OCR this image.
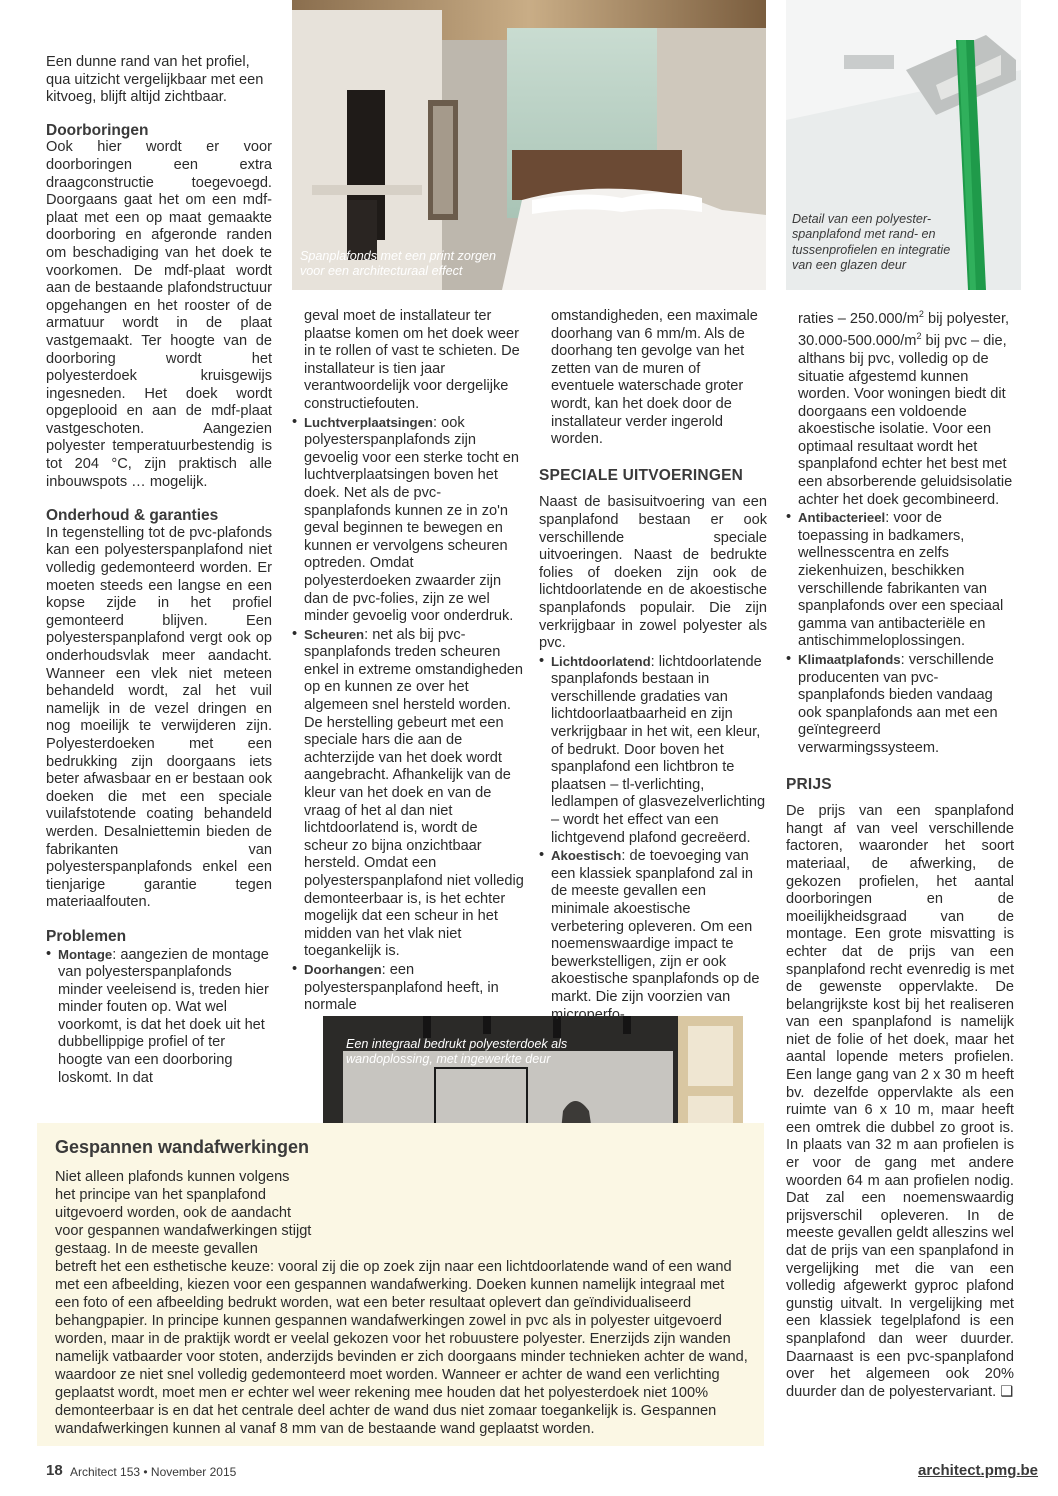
Spanplafonds met een print zorgen voor een architecturaal effect
Detail van een polyester-spanplafond met rand- en tussenprofielen en integratie van een glazen deur
Een integraal bedrukt polyesterdoek als wandoplossing, met ingewerkte deur

Een dunne rand van het profiel, qua uitzicht vergelijkbaar met een kitvoeg, blijft altijd zichtbaar.

Doorboringen

Ook hier wordt er voor doorboringen een extra draagconstructie toegevoegd. Doorgaans gaat het om een mdf-plaat met een op maat gemaakte doorboring en afgeronde randen om beschadiging van het doek te voorkomen. De mdf-plaat wordt aan de bestaande plafondstructuur opgehangen en het rooster of de armatuur wordt in de plaat vastgemaakt. Ter hoogte van de doorboring wordt het polyesterdoek kruisgewijs ingesneden. Het doek wordt opgeplooid en aan de mdf-plaat vastgeschoten. Aangezien polyester temperatuurbestendig is tot 204 °C, zijn praktisch alle inbouwspots … mogelijk.

Onderhoud & garanties

In tegenstelling tot de pvc-plafonds kan een polyesterspanplafond niet volledig gedemonteerd worden. Er moeten steeds een langse en een kopse zijde in het profiel gemonteerd blijven. Een polyesterspanplafond vergt ook op onderhoudsvlak meer aandacht. Wanneer een vlek niet meteen behandeld wordt, zal het vuil namelijk in de vezel dringen en nog moeilijk te verwijderen zijn. Polyesterdoeken met een bedrukking zijn doorgaans iets beter afwasbaar en er bestaan ook doeken die met een speciale vuilafstotende coating behandeld werden. Desalniettemin bieden de fabrikanten van polyesterspanplafonds enkel een tienjarige garantie tegen materiaalfouten.

Problemen

• Montage: aangezien de montage van polyesterspanplafonds minder veeleisend is, treden hier minder fouten op. Wat wel voorkomt, is dat het doek uit het dubbellippige profiel of ter hoogte van een doorboring loskomt. In dat

geval moet de installateur ter plaatse komen om het doek weer in te rollen of vast te schieten. De installateur is tien jaar verantwoordelijk voor dergelijke constructiefouten.

• Luchtverplaatsingen: ook polyesterspanplafonds zijn gevoelig voor een sterke tocht en luchtverplaatsingen boven het doek. Net als de pvc-spanplafonds kunnen ze in zo'n geval beginnen te bewegen en kunnen er vervolgens scheuren optreden. Omdat polyesterdoeken zwaarder zijn dan de pvc-folies, zijn ze wel minder gevoelig voor onderdruk.

• Scheuren: net als bij pvc-spanplafonds treden scheuren enkel in extreme omstandigheden op en kunnen ze over het algemeen snel hersteld worden. De herstelling gebeurt met een speciale hars die aan de achterzijde van het doek wordt aangebracht. Afhankelijk van de kleur van het doek en van de vraag of het al dan niet lichtdoorlatend is, wordt de scheur zo bijna onzichtbaar hersteld. Omdat een polyesterspanplafond niet volledig demonteerbaar is, is het echter mogelijk dat een scheur in het midden van het vlak niet toegankelijk is.

• Doorhangen: een polyesterspanplafond heeft, in normale

omstandigheden, een maximale doorhang van 6 mm/m. Als de doorhang ten gevolge van het zetten van de muren of eventuele waterschade groter wordt, kan het doek door de installateur verder ingerold worden.

SPECIALE UITVOERINGEN

Naast de basisuitvoering van een spanplafond bestaan er ook verschillende speciale uitvoeringen. Naast de bedrukte folies of doeken zijn ook de lichtdoorlatende en de akoestische spanplafonds populair. Die zijn verkrijgbaar in zowel polyester als pvc.

• Lichtdoorlatend: lichtdoorlatende spanplafonds bestaan in verschillende gradaties van lichtdoorlaatbaarheid en zijn verkrijgbaar in het wit, een kleur, of bedrukt. Door boven het spanplafond een lichtbron te plaatsen – tl-verlichting, ledlampen of glasvezelverlichting – wordt het effect van een lichtgevend plafond gecreëerd.

• Akoestisch: de toevoeging van een klassiek spanplafond zal in de meeste gevallen een minimale akoestische verbetering opleveren. Om een noemenswaardige impact te bewerkstelligen, zijn er ook akoestische spanplafonds op de markt. Die zijn voorzien van microperfo-

raties – $250.000/m^2$ bij polyester, $30.000-500.000/m^2$ bij pvc – die, althans bij pvc, volledig op de situatie afgestemd kunnen worden. Voor woningen biedt dit doorgaans een voldoende akoestische isolatie. Voor een optimaal resultaat wordt het spanplafond echter het best met een absorberende geluidsisolatie achter het doek gecombineerd.

• Antibacterieel: voor de toepassing in badkamers, wellnesscentra en zelfs ziekenhuizen, beschikken verschillende fabrikanten van spanplafonds over een speciaal gamma van antibacteriële en antischimmeloplossingen.

• Klimaatplafonds: verschillende producenten van pvc-spanplafonds bieden vandaag ook spanplafonds aan met een geïntegreerd verwarmingssysteem.

PRIJS

De prijs van een spanplafond hangt af van veel verschillende factoren, waaronder het soort materiaal, de afwerking, de gekozen profielen, het aantal doorboringen en de moeilijkheidsgraad van de montage. Een grote misvatting is echter dat de prijs van een spanplafond recht evenredig is met de gewenste oppervlakte. De belangrijkste kost bij het realiseren van een spanplafond is namelijk niet de folie of het doek, maar het aantal lopende meters profielen. Een lange gang van 2 x 30 m heeft bv. dezelfde oppervlakte als een ruimte van 6 x 10 m, maar heeft een omtrek die dubbel zo groot is. In plaats van 32 m aan profielen is er voor de gang met andere woorden 64 m aan profielen nodig. Dat zal een noemenswaardig prijsverschil opleveren. In de meeste gevallen geldt alleszins wel dat de prijs van een spanplafond in vergelijking met die van een volledig afgewerkt gyproc plafond gunstig uitvalt. In vergelijking met een klassiek tegelplafond is een spanplafond dan weer duurder. Daarnaast is een pvc-spanplafond over het algemeen ook 20% duurder dan de polyestervariant. ❑

Gespannen wandafwerkingen
Niet alleen plafonds kunnen volgens het principe van het spanplafond uitgevoerd worden, ook de aandacht voor gespannen wandafwerkingen stijgt gestaag. In de meeste gevallen
betreft het een esthetische keuze: vooral zij die op zoek zijn naar een lichtdoorlatende wand of een wand met een afbeelding, kiezen voor een gespannen wandafwerking. Doeken kunnen namelijk integraal met een foto of een afbeelding bedrukt worden, wat een beter resultaat oplevert dan geïndividualiseerd behangpapier. In principe kunnen gespannen wandafwerkingen zowel in pvc als in polyester uitgevoerd worden, maar in de praktijk wordt er veelal gekozen voor het robuustere polyester. Enerzijds zijn wanden namelijk vatbaarder voor stoten, anderzijds bevinden er zich doorgaans minder technieken achter de wand, waardoor ze niet snel volledig gedemonteerd moet worden. Wanneer er achter de wand een verlichting geplaatst wordt, moet men er echter wel weer rekening mee houden dat het polyesterdoek niet 100% demonteerbaar is en dat het centrale deel achter de wand dus niet zomaar toegankelijk is. Gespannen wandafwerkingen kunnen al vanaf 8 mm van de bestaande wand geplaatst worden.
18 Architect 153 • November 2015	architect.pmg.be
